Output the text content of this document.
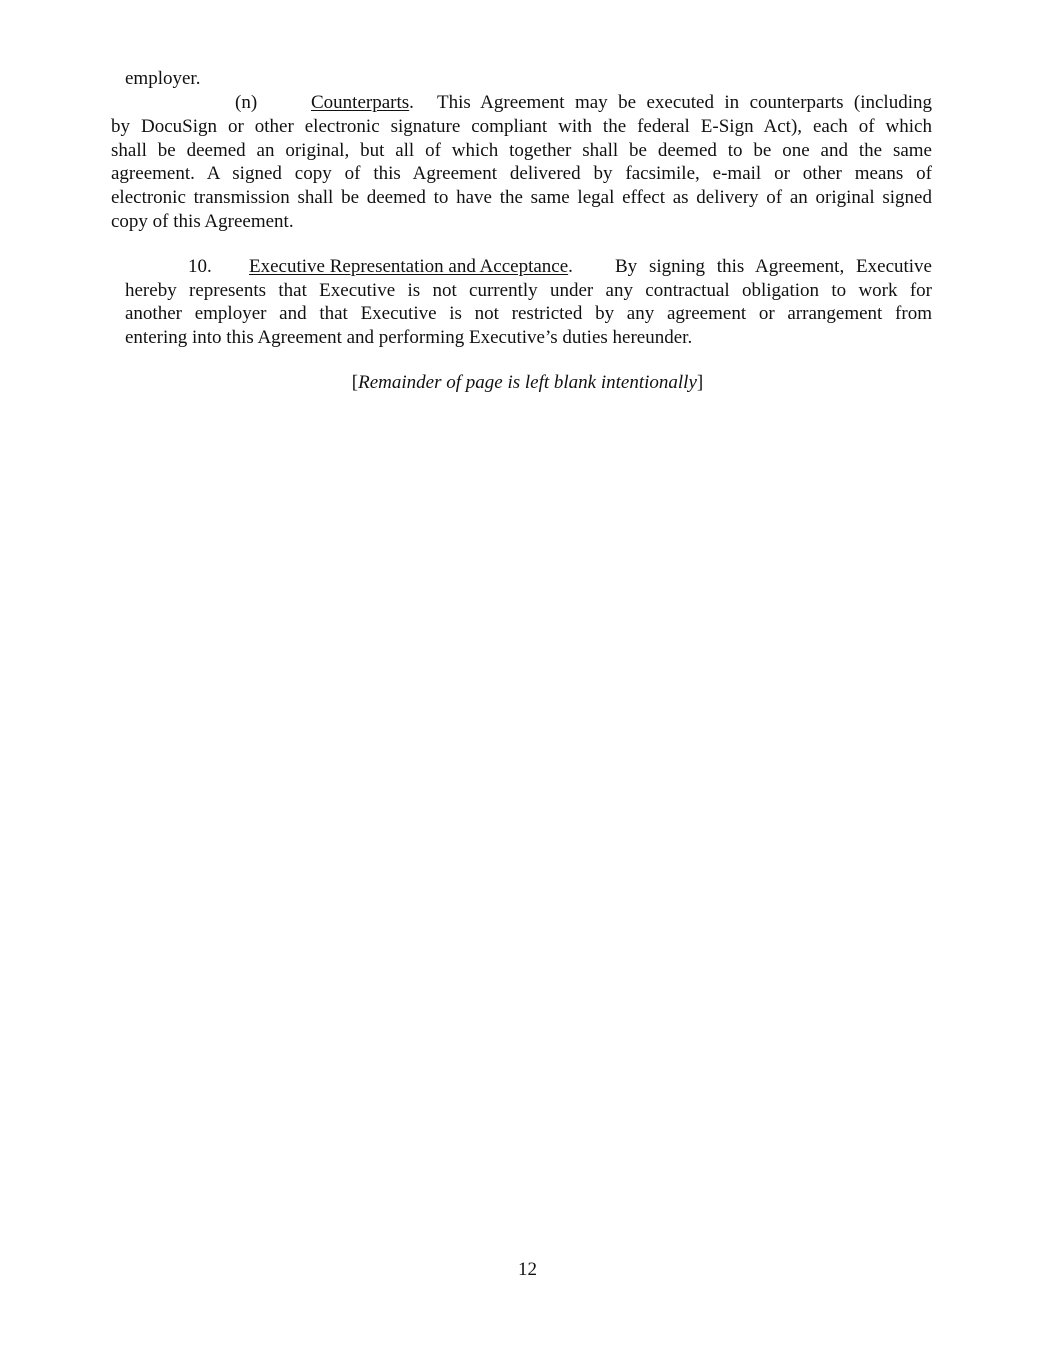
employer.
(n)	Counterparts. This Agreement may be executed in counterparts (including
by DocuSign or other electronic signature compliant with the federal E-Sign Act), each of which
shall be deemed an original, but all of which together shall be deemed to be one and the same
agreement. A signed copy of this Agreement delivered by facsimile, e-mail or other means of
electronic transmission shall be deemed to have the same legal effect as delivery of an original signed
copy of this Agreement.
10. Executive Representation and Acceptance. By signing this Agreement, Executive
hereby represents that Executive is not currently under any contractual obligation to work for
another employer and that Executive is not restricted by any agreement or arrangement from
entering into this Agreement and performing Executive’s duties hereunder.
[Remainder of page is left blank intentionally]
12
